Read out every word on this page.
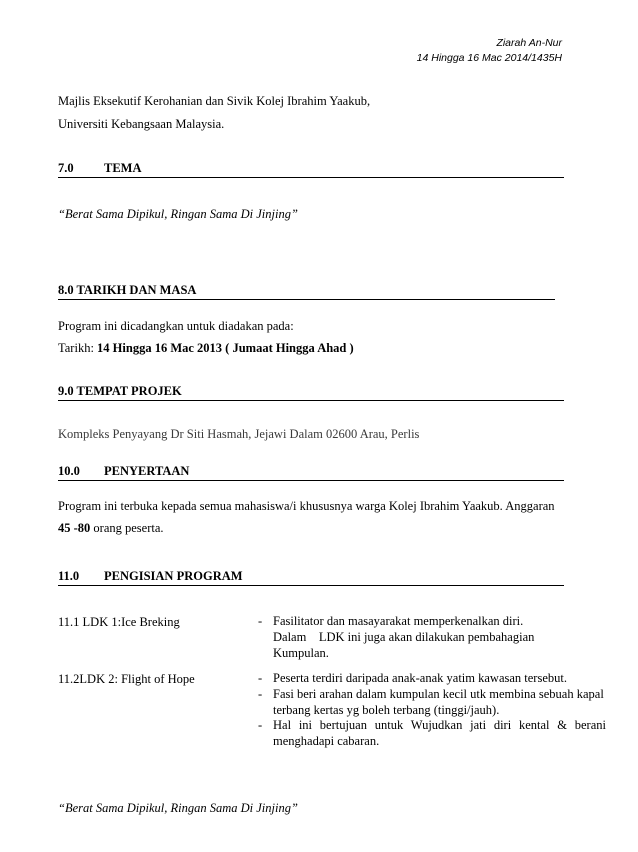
Ziarah An-Nur
14 Hingga 16 Mac 2014/1435H
Majlis Eksekutif Kerohanian dan Sivik Kolej Ibrahim Yaakub,
Universiti Kebangsaan Malaysia.
7.0 TEMA
“Berat Sama Dipikul, Ringan Sama Di Jinjing”
8.0 TARIKH DAN MASA
Program ini dicadangkan untuk diadakan pada:
Tarikh: 14 Hingga 16 Mac 2013 ( Jumaat Hingga Ahad )
9.0 TEMPAT PROJEK
Kompleks Penyayang Dr Siti Hasmah, Jejawi Dalam 02600 Arau, Perlis
10.0 PENYERTAAN
Program ini terbuka kepada semua mahasiswa/i khususnya warga Kolej Ibrahim Yaakub. Anggaran
45 -80 orang peserta.
11.0 PENGISIAN PROGRAM
11.1 LDK 1:Ice Breking	- Fasilitator dan masayarakat memperkenalkan diri.
Dalam    LDK ini juga akan dilakukan pembahagian
Kumpulan.
11.2LDK 2: Flight of Hope	- Peserta terdiri daripada anak-anak yatim kawasan tersebut.
- Fasi beri arahan dalam kumpulan kecil utk membina sebuah kapal
terbang kertas yg boleh terbang (tinggi/jauh).
- Hal ini bertujuan untuk Wujudkan jati diri kental & berani
menghadapi cabaran.
“Berat Sama Dipikul, Ringan Sama Di Jinjing”
